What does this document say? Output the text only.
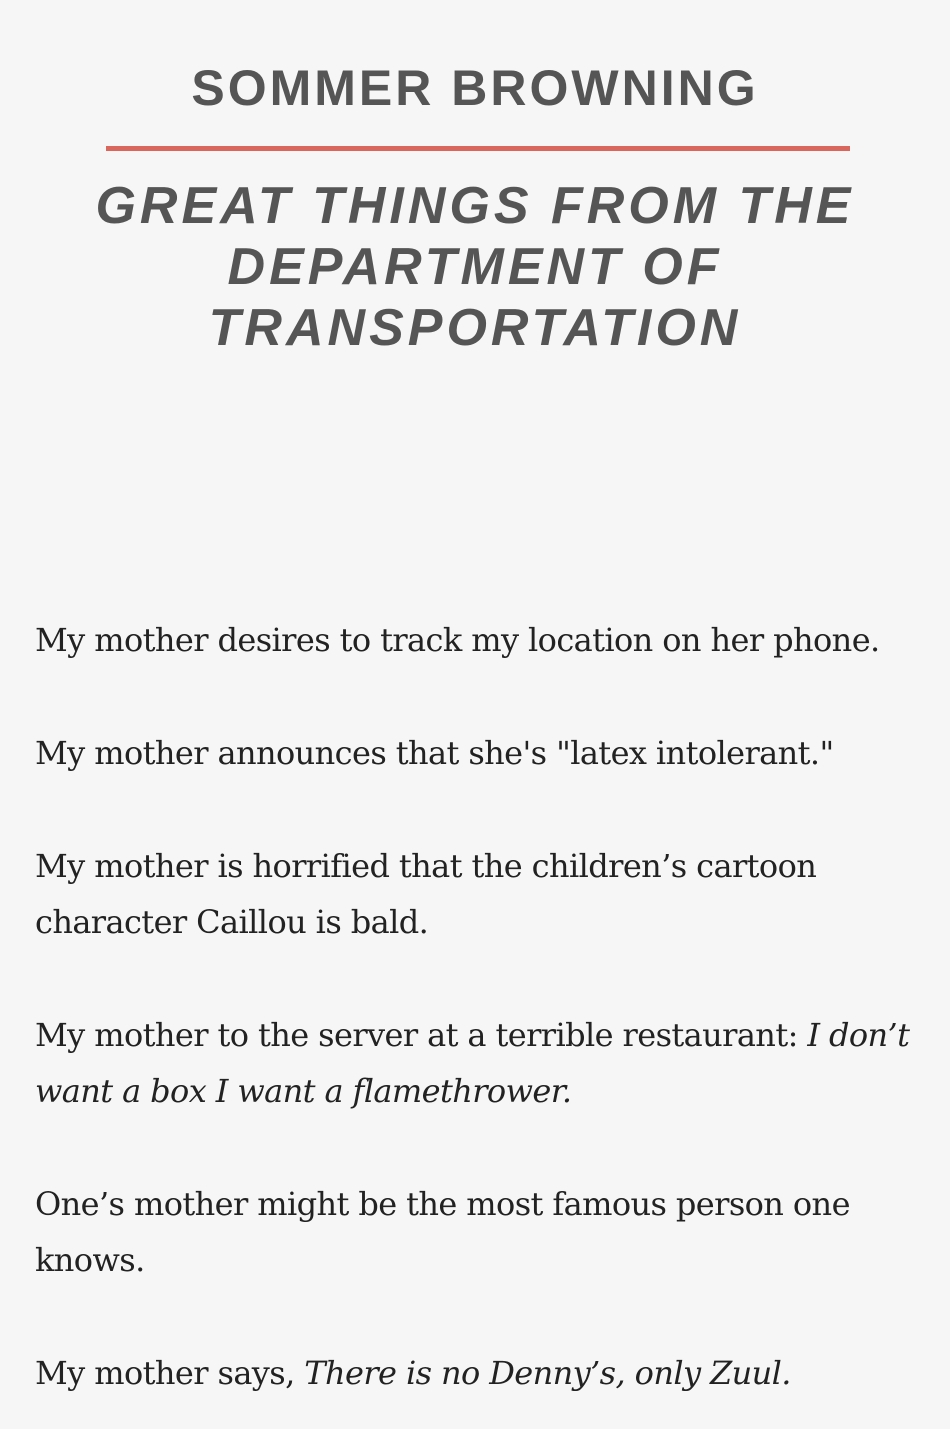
SOMMER BROWNING
GREAT THINGS FROM THE DEPARTMENT OF TRANSPORTATION

My mother desires to track my location on her phone.

My mother announces that she's "latex intolerant."

My mother is horrified that the children’s cartoon character Caillou is bald.

My mother to the server at a terrible restaurant: I don’t want a box I want a flamethrower.

One’s mother might be the most famous person one knows.

My mother says, There is no Denny’s, only Zuul.
